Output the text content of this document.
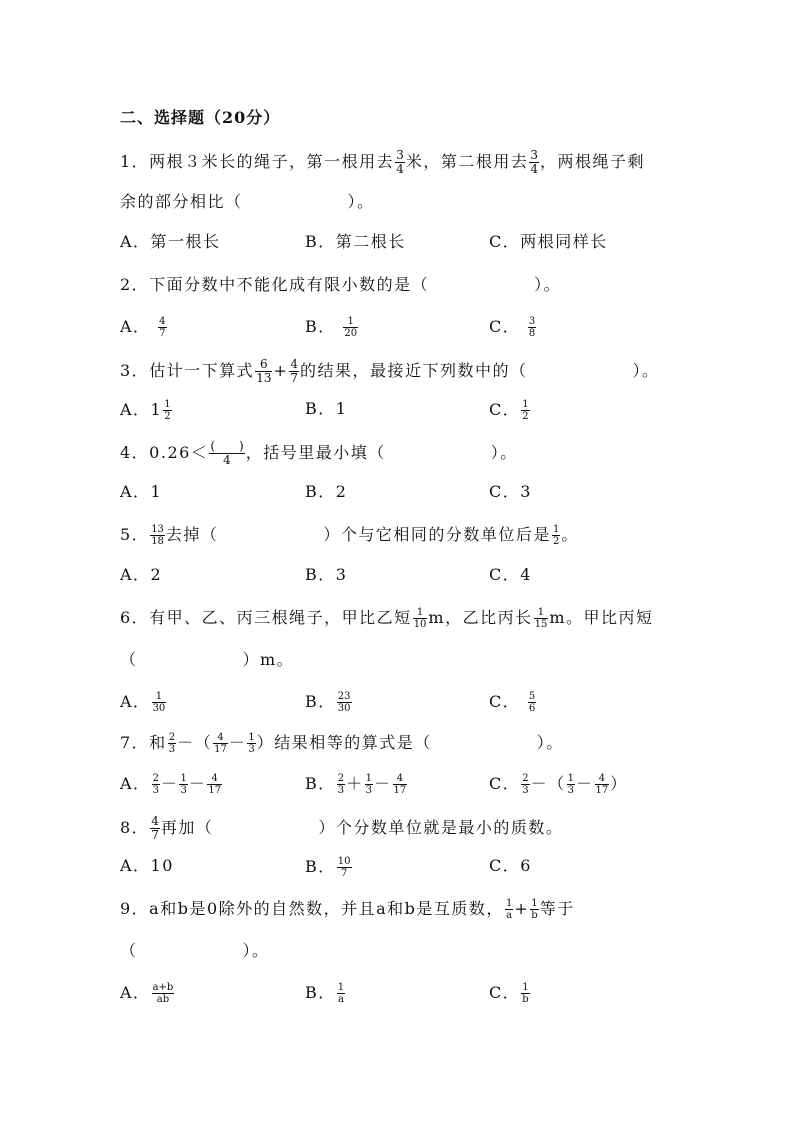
二、选择题（20分）
1．两根３米长的绳子，第一根用去 $\frac{3}{4}$ 米，第二根用去 $\frac{3}{4}$ ，两根绳子剩
余的部分相比（　　　　　　）。
A．第一根长	B．第二根长	C．两根同样长
2．下面分数中不能化成有限小数的是（　　　　　　）。
A． $\frac{4}{7}$	B． $\frac{1}{20}$	C． $\frac{3}{8}$
3．估计一下算式 $\frac{6}{13} + \frac{4}{7}$ 的结果，最接近下列数中的（　　　　　　）。
A．$1 \frac{1}{2}$	B．1	C． $\frac{1}{2}$
4．0.26＜ (　　)
4 ，括号里最小填（　　　　　　）。
A．1	B．2	C．3
5． $\frac{13}{18}$ 去掉（　　　　　　）个与它相同的分数单位后是 $\frac{1}{2}$ 。
A．2	B．3	C．4
6．有甲、乙、丙三根绳子，甲比乙短 $\frac{1}{10}$ m，乙比丙长 $\frac{1}{15}$ m。甲比丙短
（　　　　　　）m。
A． $\frac{1}{30}$	B． $\frac{23}{30}$	C． $\frac{5}{6}$
7．和 $\frac{2}{3}$ －（ $\frac{4}{17} - \frac{1}{3}$ ）结果相等的算式是（　　　　　　）。
A． $\frac{2}{3} - \frac{1}{3} - \frac{4}{17}$	B． $\frac{2}{3} + \frac{1}{3} - \frac{4}{17}$	C． $\frac{2}{3}$ －（ $\frac{1}{3} - \frac{4}{17}$ ）
8． $\frac{4}{7}$ 再加（　　　　　　）个分数单位就是最小的质数。
A．10	B． $\frac{10}{7}$	C．6
9．a和b是0除外的自然数，并且a和b是互质数， $\frac{1}{a} + \frac{1}{b}$ 等于
（　　　　　　）。
A． $\frac{a+b}{ab}$	B． $\frac{1}{a}$	C． $\frac{1}{b}$
